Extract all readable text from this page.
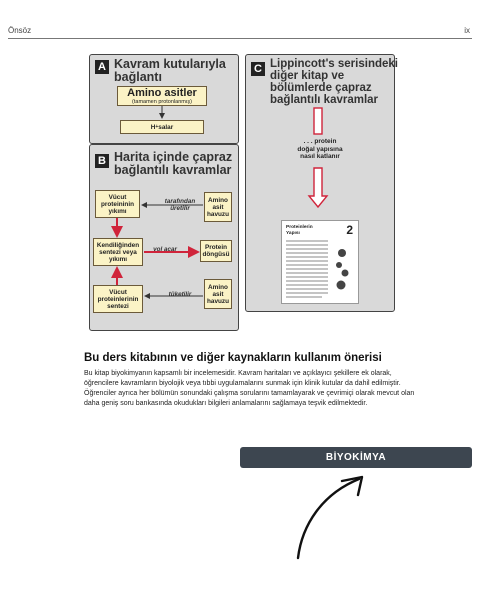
Önsöz	ix
A Kavram kutularıyla
bağlantı
Amino asitler
(tamamen protonlanmış)
H + salar
B Harita içinde çapraz
bağlantılı kavramlar
Vücut proteininin yıkımı
Kendiliğinden sentezi veya yıkımı
Vücut proteinlerinin sentezi
Amino asit havuzu
Protein döngüsü
Amino asit havuzu
tarafından üretilir
yol açar
tüketilir
C Lippincott's serisindeki
diğer kitap ve
bölümlerde çapraz
bağlantılı kavramlar
. . . protein
doğal yapısına
nasıl katlanır
Proteinlerin Yapısı	2
Bu ders kitabının ve diğer kaynakların kullanım önerisi
Bu kitap biyokimyanın kapsamlı bir incelemesidir. Kavram haritaları ve açıklayıcı şekillere ek olarak, öğrencilere kavramların biyolojik veya tıbbi uygulamalarını sunmak için klinik kutular da dahil edilmiştir. Öğrenciler ayrıca her bölümün sonundaki çalışma sorularını tamamlayarak ve çevrimiçi olarak mevcut olan daha geniş soru bankasında okudukları bilgileri anlamalarını sağlamaya teşvik edilmektedir.
BİYOKİMYA
